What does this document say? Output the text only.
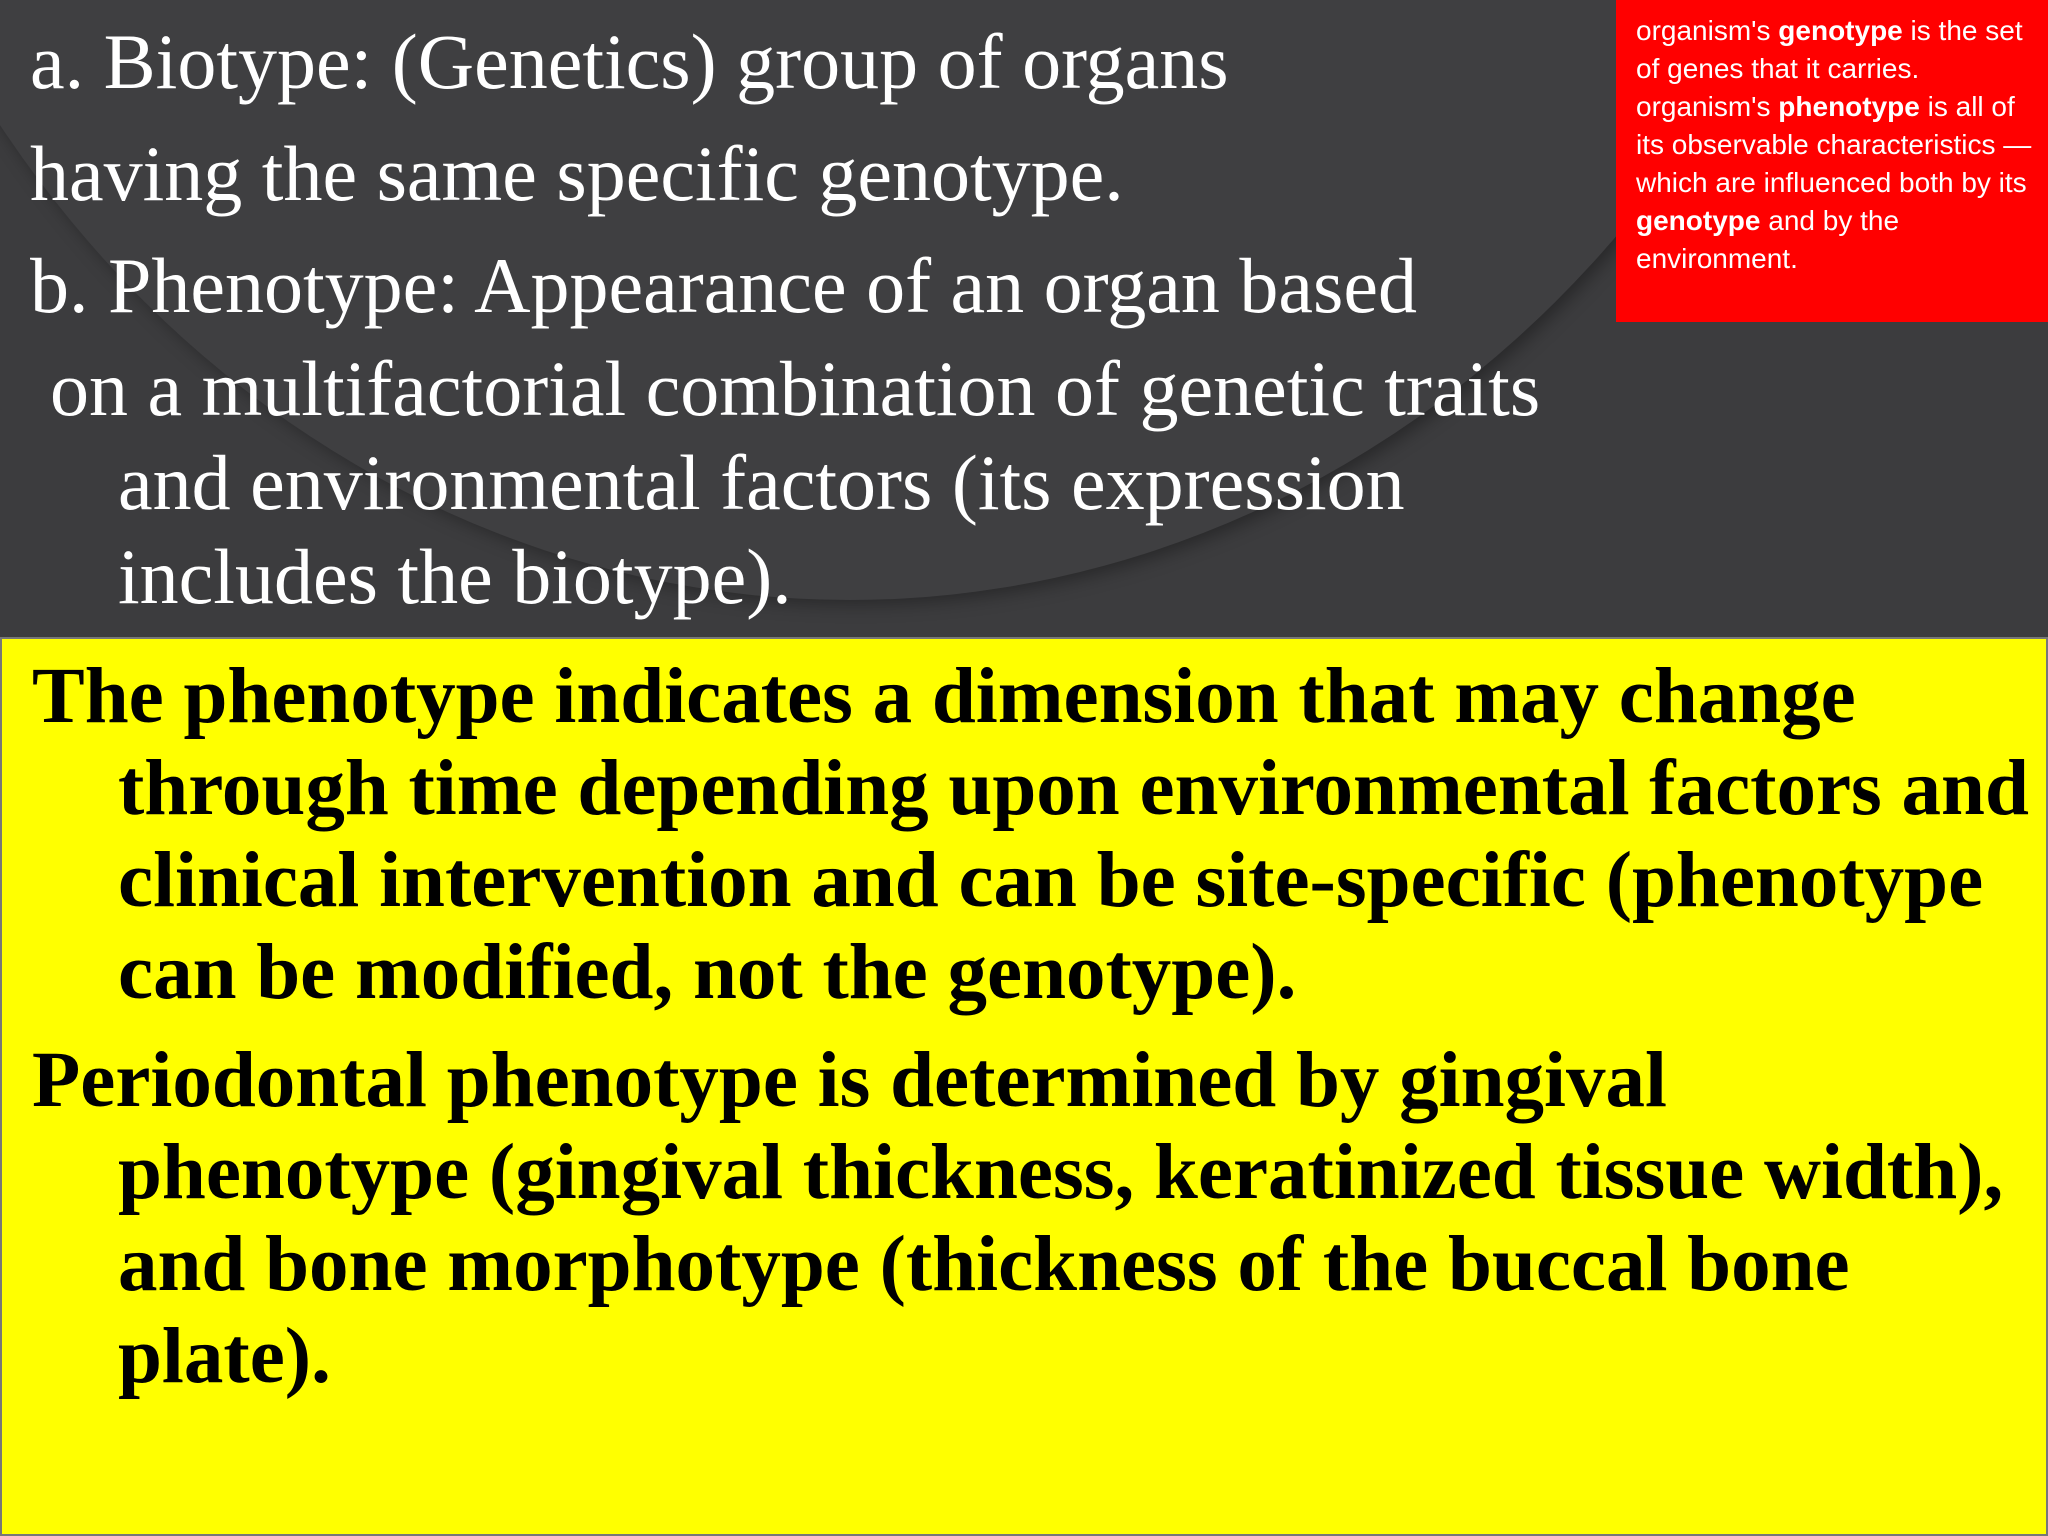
a. Biotype: (Genetics) group of organs

having the same specific genotype.

b. Phenotype: Appearance of an organ based

on a multifactorial combination of genetic traits and environmental factors (its expression includes the biotype).

organism's genotype is the set of genes that it carries. organism's phenotype is all of its observable characteristics — which are influenced both by its genotype and by the environment.

The phenotype indicates a dimension that may change through time depending upon environmental factors and clinical intervention and can be site-specific (phenotype can be modified, not the genotype).

Periodontal phenotype is determined by gingival phenotype (gingival thickness, keratinized tissue width), and bone morphotype (thickness of the buccal bone plate).
